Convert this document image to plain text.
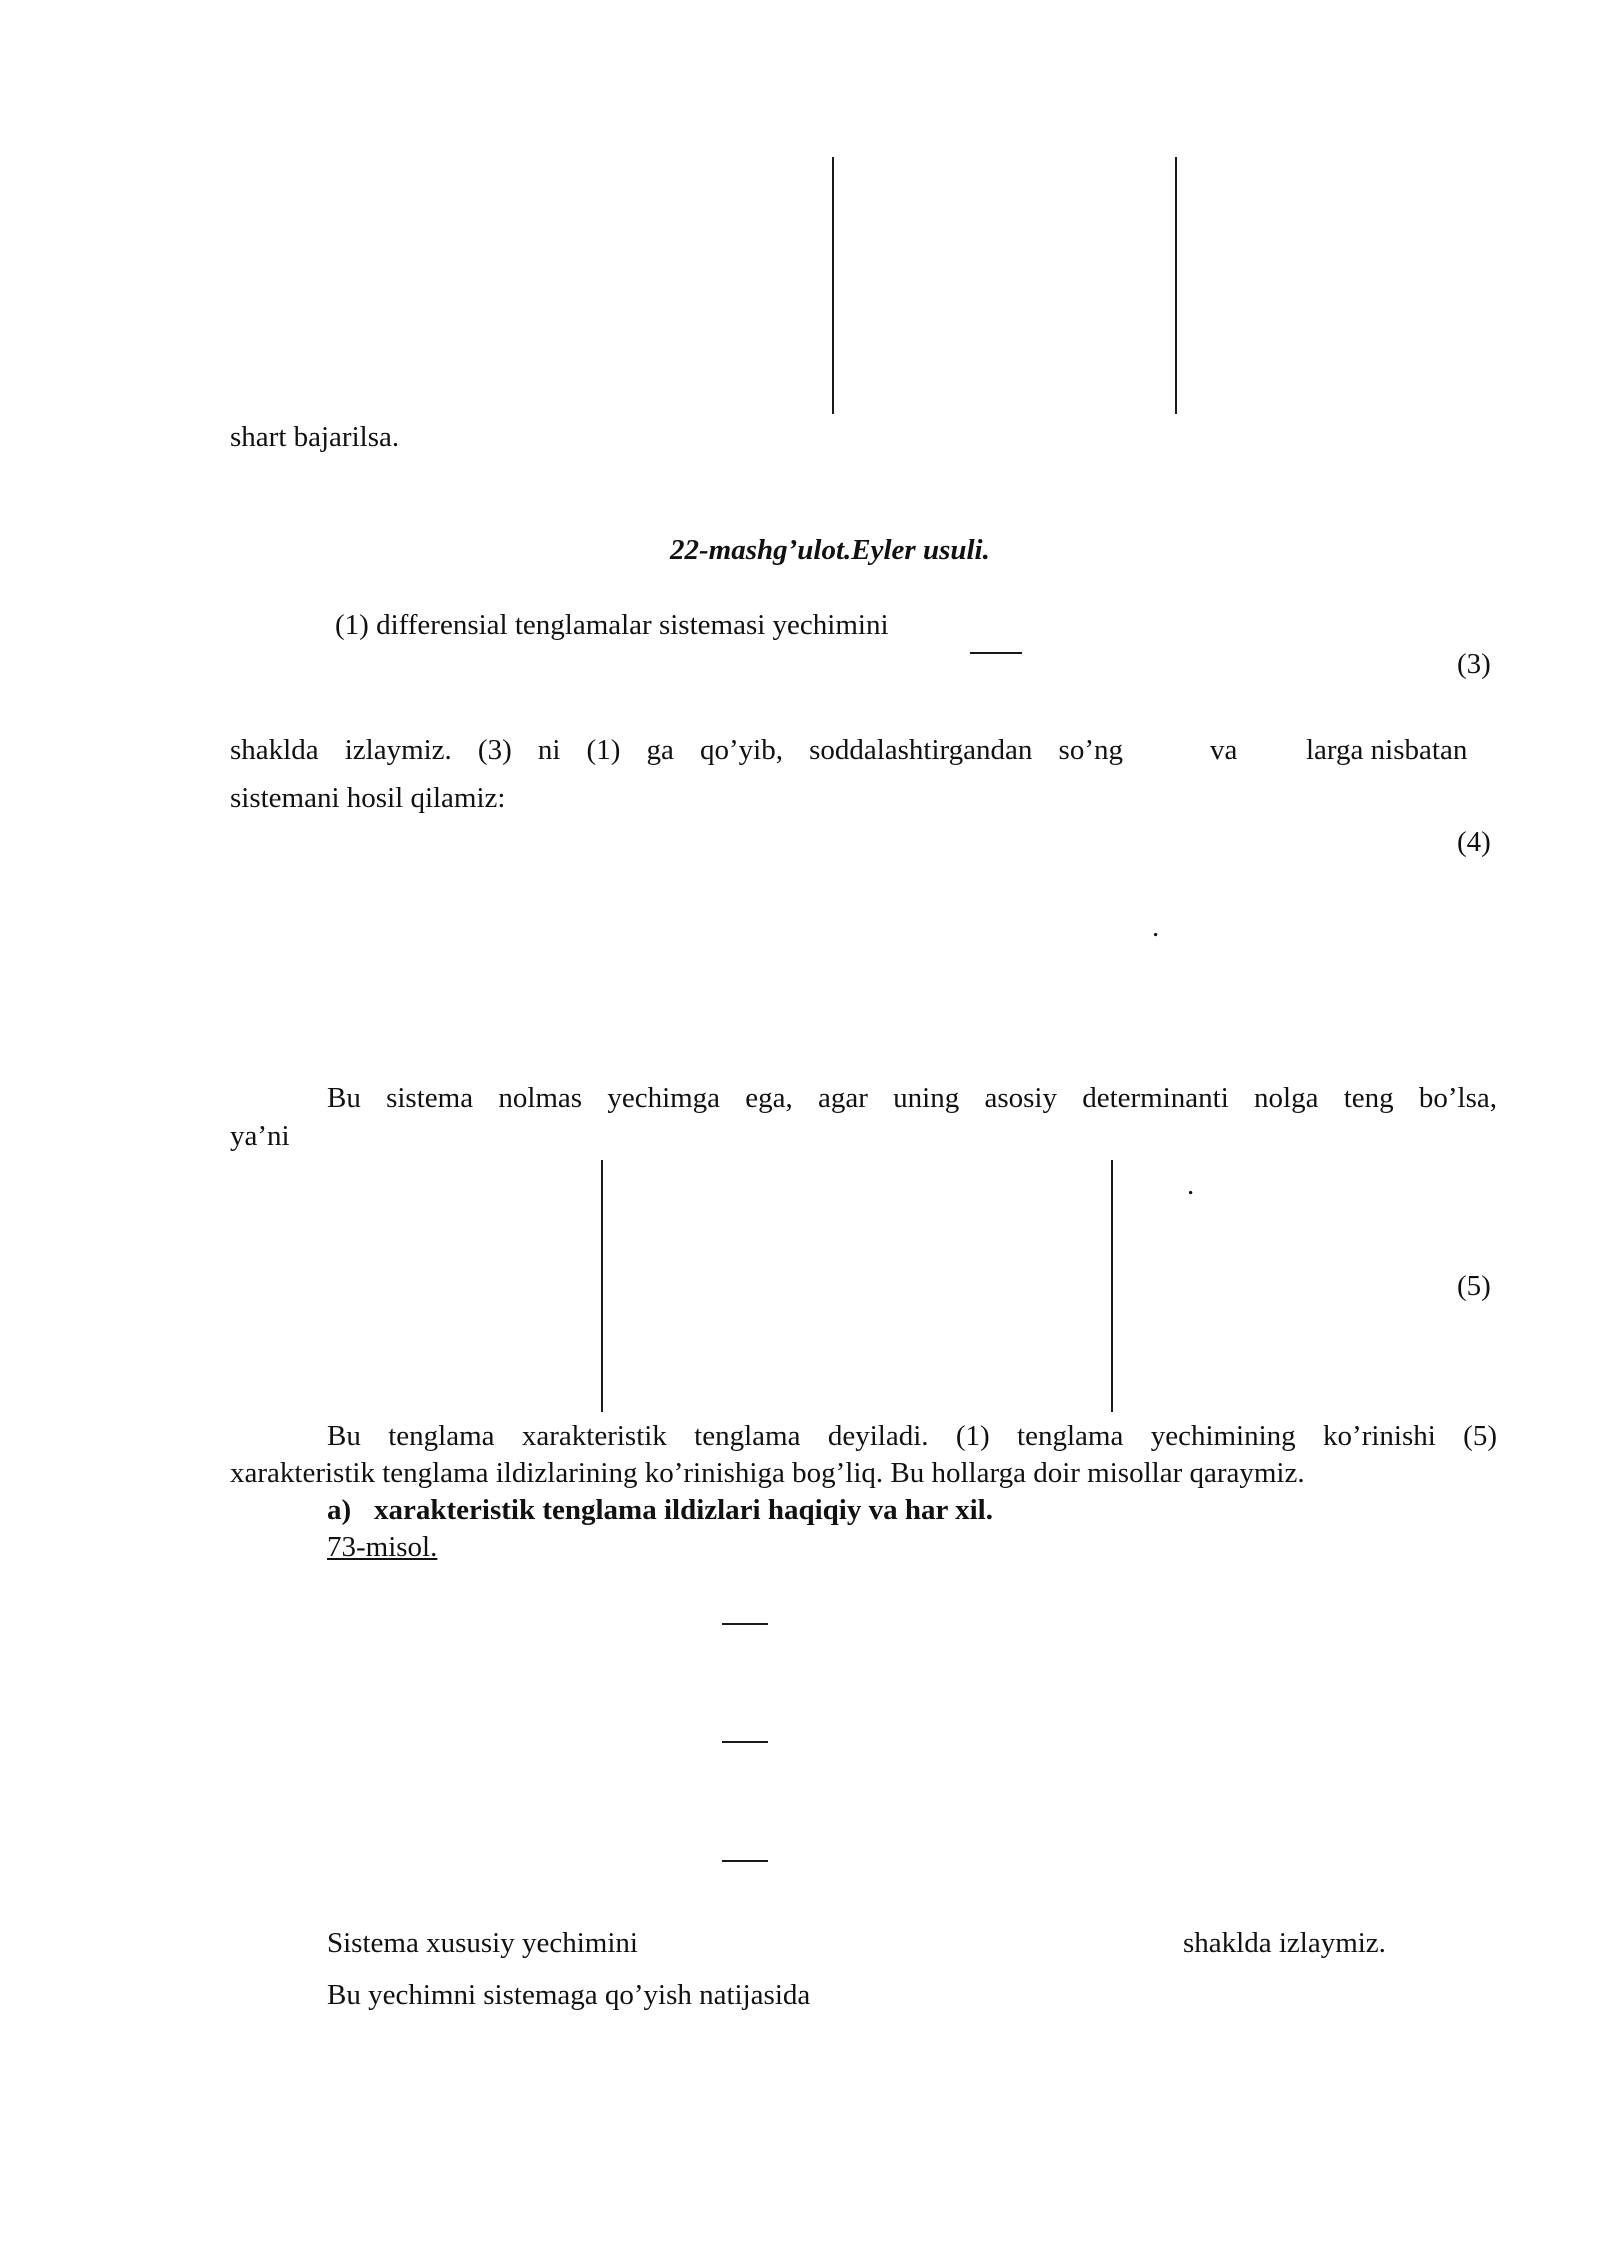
shart bajarilsa.
22-mashg’ulot.Eyler usuli.
(1) differensial tenglamalar sistemasi yechimini
(3)
shaklda izlaymiz. (3) ni (1) ga qo’yib, soddalashtirgandan so’ng	va larga nisbatan
sistemani hosil qilamiz:
(4)
.
Bu sistema nolmas yechimga ega, agar uning asosiy determinanti nolga teng bo’lsa,
ya’ni
.
(5)
Bu tenglama xarakteristik tenglama deyiladi. (1) tenglama yechimining ko’rinishi (5)
xarakteristik tenglama ildizlarining ko’rinishiga bog’liq. Bu hollarga doir misollar qaraymiz.
a) xarakteristik tenglama ildizlari haqiqiy va har xil.
73-misol.
Sistema xususiy yechimini	shaklda izlaymiz.
Bu yechimni sistemaga qo’yish natijasida
